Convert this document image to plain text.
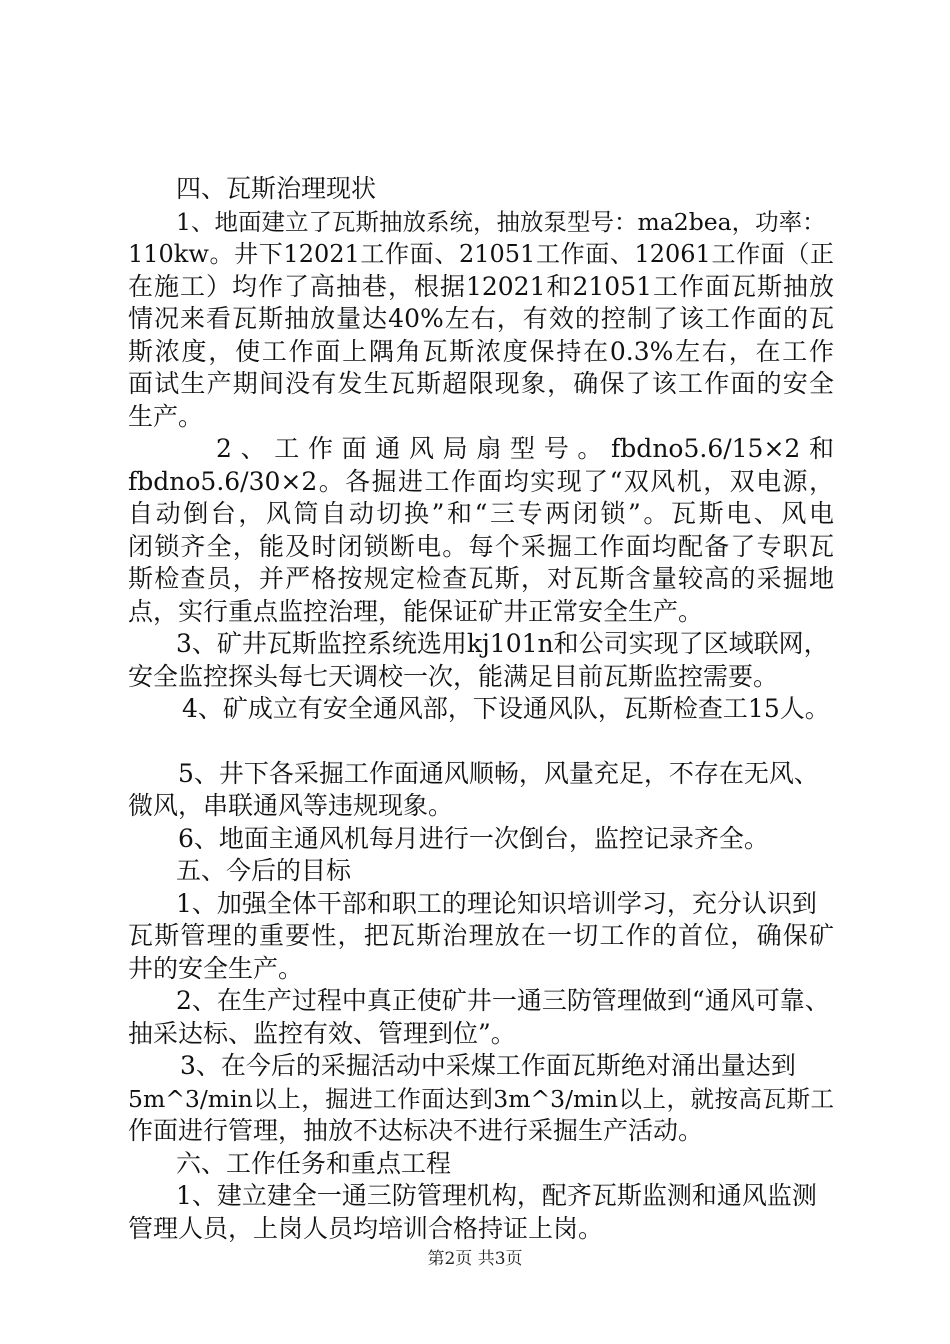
四、瓦斯治理现状
1、地面建立了瓦斯抽放系统，抽放泵型号：ma2bea，功率：
110kw。井下12021工作面、21051工作面、12061工作面（正
在施工）均作了高抽巷，根据12021和21051工作面瓦斯抽放
情况来看瓦斯抽放量达40%左右，有效的控制了该工作面的瓦
斯浓度，使工作面上隅角瓦斯浓度保持在0.3%左右，在工作
面试生产期间没有发生瓦斯超限现象，确保了该工作面的安全
生产。
2、工作面通风局扇型号。fbdno5.6/15×2和
fbdno5.6/30×2。各掘进工作面均实现了“双风机，双电源，
自动倒台，风筒自动切换”和“三专两闭锁”。瓦斯电、风电
闭锁齐全，能及时闭锁断电。每个采掘工作面均配备了专职瓦
斯检查员，并严格按规定检查瓦斯，对瓦斯含量较高的采掘地
点，实行重点监控治理，能保证矿井正常安全生产。
3、矿井瓦斯监控系统选用kj101n和公司实现了区域联网，
安全监控探头每七天调校一次，能满足目前瓦斯监控需要。
4、矿成立有安全通风部，下设通风队，瓦斯检查工15人。
5、井下各采掘工作面通风顺畅，风量充足，不存在无风、
微风，串联通风等违规现象。
6、地面主通风机每月进行一次倒台，监控记录齐全。
五、今后的目标
1、加强全体干部和职工的理论知识培训学习，充分认识到
瓦斯管理的重要性，把瓦斯治理放在一切工作的首位，确保矿
井的安全生产。
2、在生产过程中真正使矿井一通三防管理做到“通风可靠、
抽采达标、监控有效、管理到位”。
3、在今后的采掘活动中采煤工作面瓦斯绝对涌出量达到
5m^3/min以上，掘进工作面达到3m^3/min以上，就按高瓦斯工
作面进行管理，抽放不达标决不进行采掘生产活动。
六、工作任务和重点工程
1、建立建全一通三防管理机构，配齐瓦斯监测和通风监测
管理人员，上岗人员均培训合格持证上岗。
第2页 共3页
